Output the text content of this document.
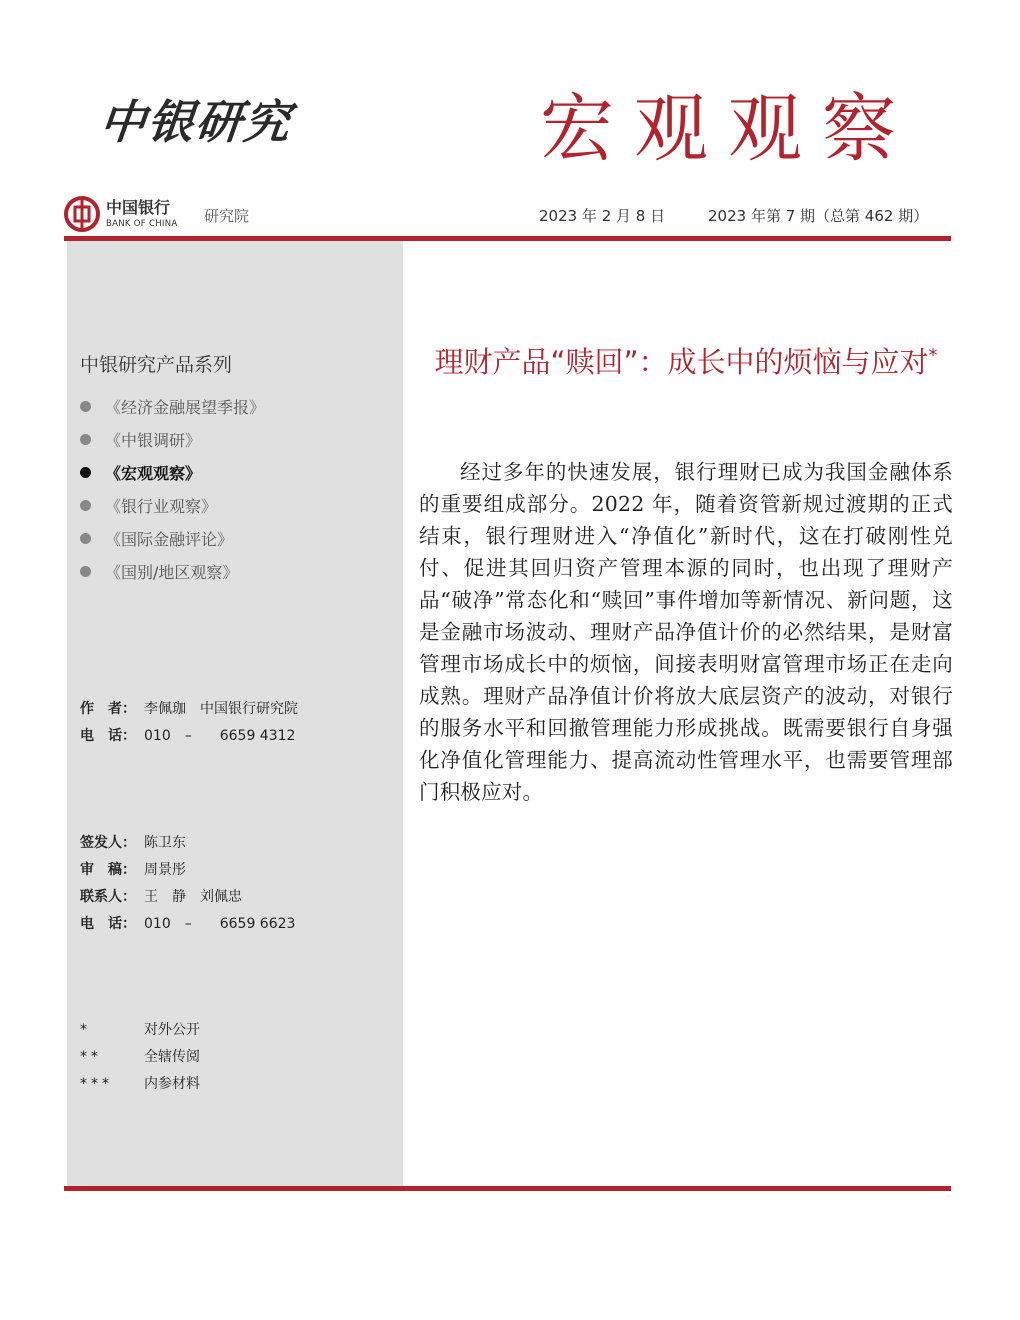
中银研究	宏观观察
中国银行
BANK OF CHINA 研究院	2023 年 2 月 8 日	2023 年第 7 期（总第 462 期）
中银研究产品系列
《经济金融展望季报》
《中银调研》
《宏观观察》
《银行业观察》
《国际金融评论》
《国别/地区观察》
作　者： 李佩珈　中国银行研究院
电　话： 010　–　　6659 4312
签发人： 陈卫东
审　稿： 周景彤
联系人： 王　静　刘佩忠
电　话： 010　–　　6659 6623
*	对外公开
**	全辖传阅
*** 内参材料
理财产品“赎回”：成长中的烦恼与应对*

经过多年的快速发展，银行理财已成为我国金融体系的重要组成部分。2022 年，随着资管新规过渡期的正式结束，银行理财进入“净值化”新时代，这在打破刚性兑付、促进其回归资产管理本源的同时，也出现了理财产品“破净”常态化和“赎回”事件增加等新情况、新问题，这是金融市场波动、理财产品净值计价的必然结果，是财富管理市场成长中的烦恼，间接表明财富管理市场正在走向成熟。理财产品净值计价将放大底层资产的波动，对银行的服务水平和回撤管理能力形成挑战。既需要银行自身强化净值化管理能力、提高流动性管理水平，也需要管理部门积极应对。
